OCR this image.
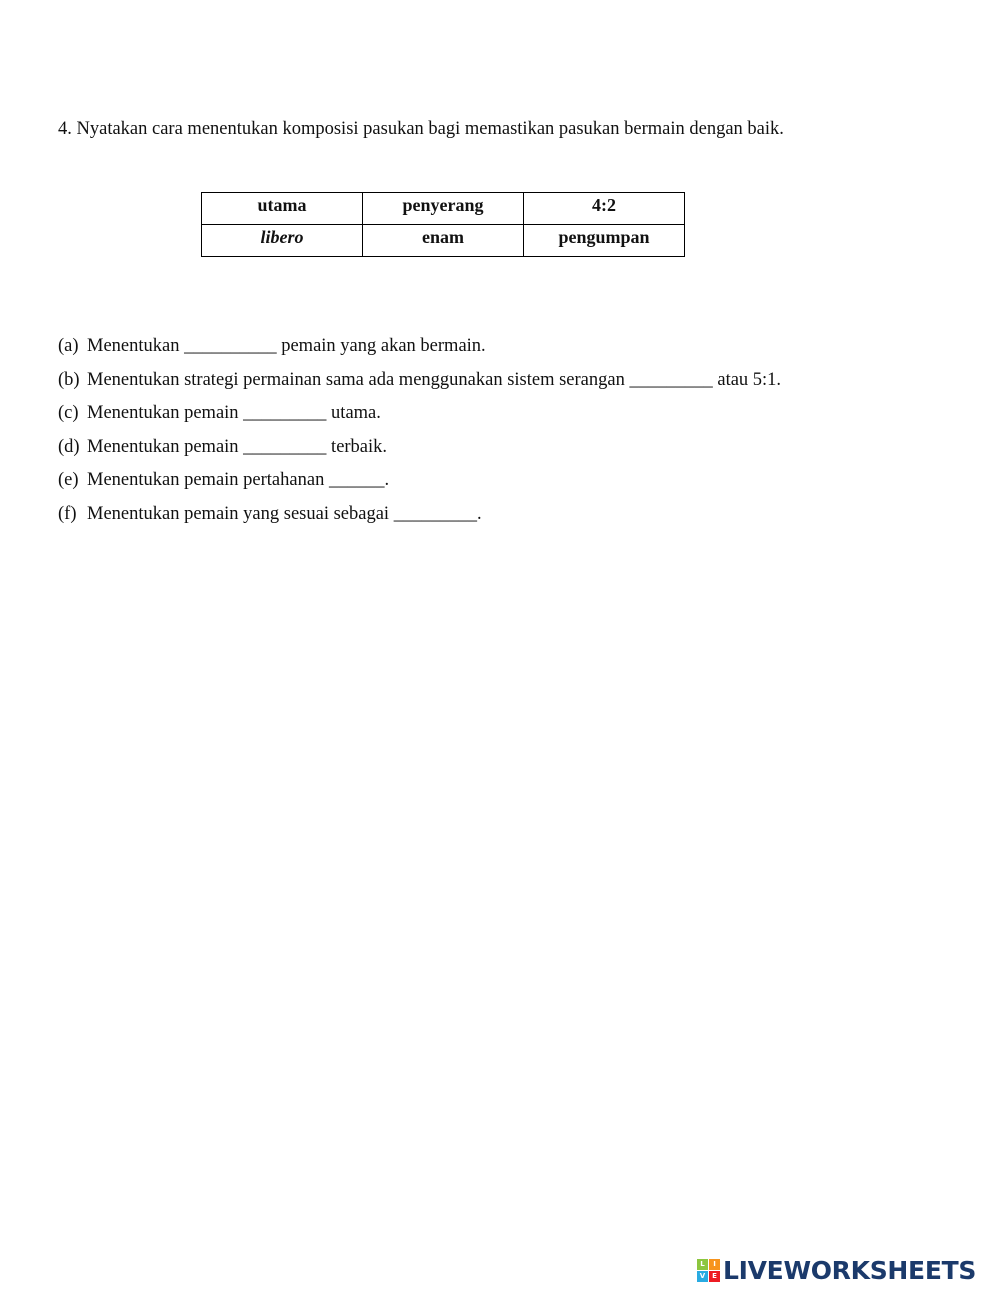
4. Nyatakan cara menentukan komposisi pasukan bagi memastikan pasukan bermain dengan baik.
utama	penyerang	4:2
libero	enam	pengumpan
(a) Menentukan __________ pemain yang akan bermain.
(b) Menentukan strategi permainan sama ada menggunakan sistem serangan _________ atau 5:1.
(c) Menentukan pemain _________ utama.
(d) Menentukan pemain _________ terbaik.
(e) Menentukan pemain pertahanan ______.
(f) Menentukan pemain yang sesuai sebagai _________.
L	I
V E LIVEWORKSHEETS
